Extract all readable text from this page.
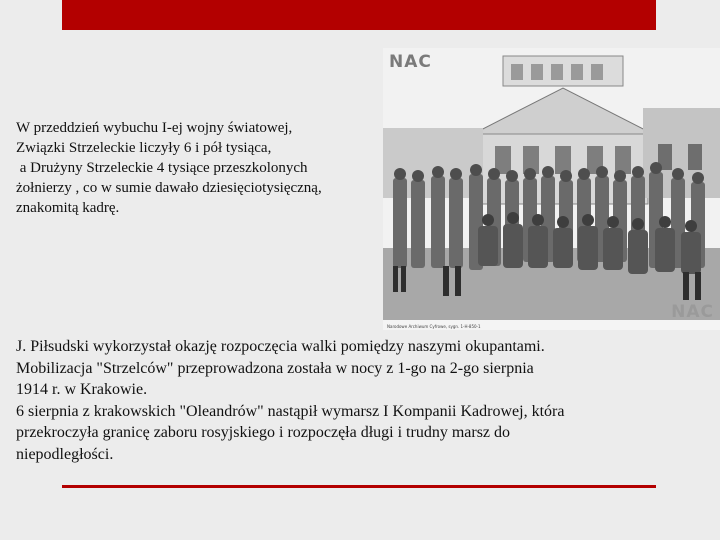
NAC
NAC
Narodowe Archiwum Cyfrowe, sygn. 1-H-850-1

W przeddzień wybuchu I-ej wojny światowej,
Związki Strzeleckie liczyły 6 i pół tysiąca,
a Drużyny Strzeleckie 4 tysiące przeszkolonych
żołnierzy , co w sumie dawało dziesięciotysięczną,
znakomitą kadrę.

J. Piłsudski wykorzystał okazję rozpoczęcia walki pomiędzy naszymi okupantami.
Mobilizacja "Strzelców" przeprowadzona została w nocy z 1-go na 2-go sierpnia
1914 r. w Krakowie.
6 sierpnia z krakowskich "Oleandrów" nastąpił wymarsz I Kompanii Kadrowej, która
przekroczyła granicę zaboru rosyjskiego i rozpoczęła długi i trudny marsz do
niepodległości.
